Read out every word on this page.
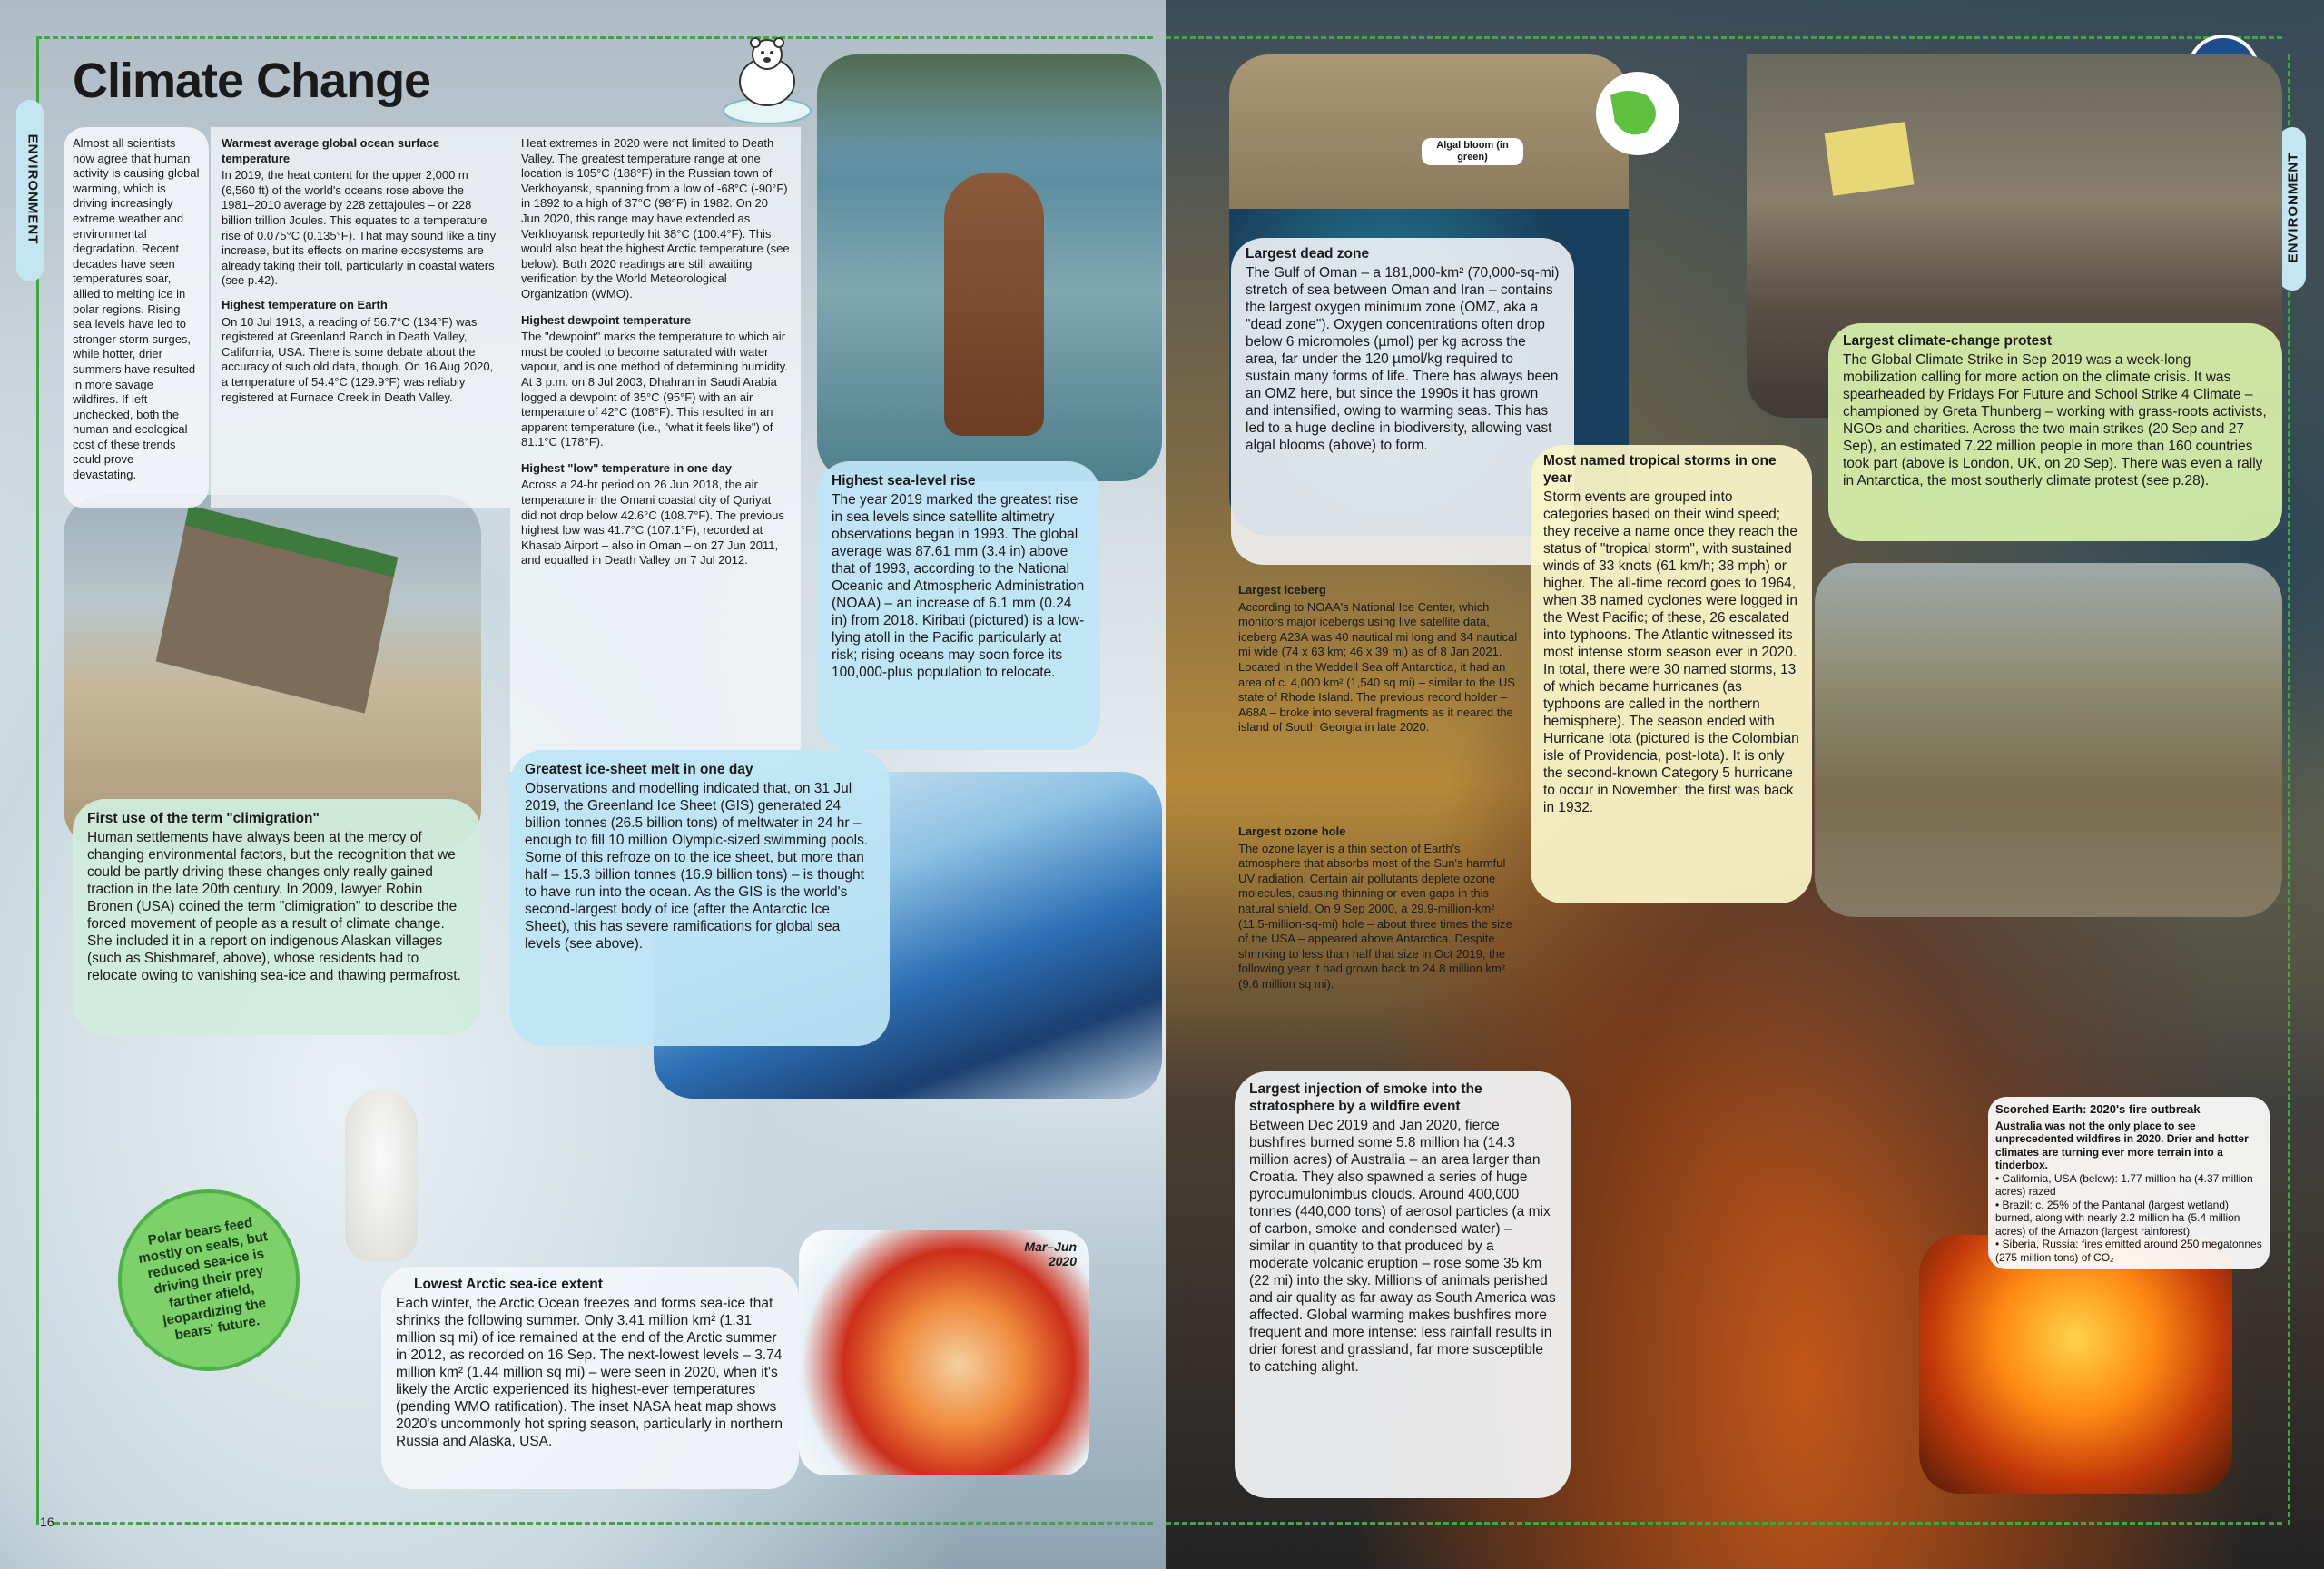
ENVIRONMENT
Climate Change
Mar–Jun 2020

Almost all scientists now agree that human activity is causing global warming, which is driving increasingly extreme weather and environmental degradation. Recent decades have seen temperatures soar, allied to melting ice in polar regions. Rising sea levels have led to stronger storm surges, while hotter, drier summers have resulted in more savage wildfires. If left unchecked, both the human and ecological cost of these trends could prove devastating.

Warmest average global ocean surface temperature

In 2019, the heat content for the upper 2,000 m (6,560 ft) of the world's oceans rose above the 1981–2010 average by 228 zettajoules – or 228 billion trillion Joules. This equates to a temperature rise of 0.075°C (0.135°F). That may sound like a tiny increase, but its effects on marine ecosystems are already taking their toll, particularly in coastal waters (see p.42).

Highest temperature on Earth

On 10 Jul 1913, a reading of 56.7°C (134°F) was registered at Greenland Ranch in Death Valley, California, USA. There is some debate about the accuracy of such old data, though. On 16 Aug 2020, a temperature of 54.4°C (129.9°F) was reliably registered at Furnace Creek in Death Valley.

Heat extremes in 2020 were not limited to Death Valley. The greatest temperature range at one location is 105°C (188°F) in the Russian town of Verkhoyansk, spanning from a low of -68°C (-90°F) in 1892 to a high of 37°C (98°F) in 1982. On 20 Jun 2020, this range may have extended as Verkhoyansk reportedly hit 38°C (100.4°F). This would also beat the highest Arctic temperature (see below). Both 2020 readings are still awaiting verification by the World Meteorological Organization (WMO).

Highest dewpoint temperature

The "dewpoint" marks the temperature to which air must be cooled to become saturated with water vapour, and is one method of determining humidity. At 3 p.m. on 8 Jul 2003, Dhahran in Saudi Arabia logged a dewpoint of 35°C (95°F) with an air temperature of 42°C (108°F). This resulted in an apparent temperature (i.e., "what it feels like") of 81.1°C (178°F).

Highest "low" temperature in one day

Across a 24-hr period on 26 Jun 2018, the air temperature in the Omani coastal city of Quriyat did not drop below 42.6°C (108.7°F). The previous highest low was 41.7°C (107.1°F), recorded at Khasab Airport – also in Oman – on 27 Jun 2011, and equalled in Death Valley on 7 Jul 2012.

Highest sea-level rise

The year 2019 marked the greatest rise in sea levels since satellite altimetry observations began in 1993. The global average was 87.61 mm (3.4 in) above that of 1993, according to the National Oceanic and Atmospheric Administration (NOAA) – an increase of 6.1 mm (0.24 in) from 2018. Kiribati (pictured) is a low-lying atoll in the Pacific particularly at risk; rising oceans may soon force its 100,000-plus population to relocate.

First use of the term "climigration"

Human settlements have always been at the mercy of changing environmental factors, but the recognition that we could be partly driving these changes only really gained traction in the late 20th century. In 2009, lawyer Robin Bronen (USA) coined the term "climigration" to describe the forced movement of people as a result of climate change. She included it in a report on indigenous Alaskan villages (such as Shishmaref, above), whose residents had to relocate owing to vanishing sea-ice and thawing permafrost.

Greatest ice-sheet melt in one day

Observations and modelling indicated that, on 31 Jul 2019, the Greenland Ice Sheet (GIS) generated 24 billion tonnes (26.5 billion tons) of meltwater in 24 hr – enough to fill 10 million Olympic-sized swimming pools. Some of this refroze on to the ice sheet, but more than half – 15.3 billion tonnes (16.9 billion tons) – is thought to have run into the ocean. As the GIS is the world's second-largest body of ice (after the Antarctic Ice Sheet), this has severe ramifications for global sea levels (see above).

Polar bears feed mostly on seals, but reduced sea-ice is driving their prey farther afield, jeopardizing the bears' future.
Lowest Arctic sea-ice extent

Each winter, the Arctic Ocean freezes and forms sea-ice that shrinks the following summer. Only 3.41 million km² (1.31 million sq mi) of ice remained at the end of the Arctic summer in 2012, as recorded on 16 Sep. The next-lowest levels – 3.74 million km² (1.44 million sq mi) – were seen in 2020, when it's likely the Arctic experienced its highest-ever temperatures (pending WMO ratification). The inset NASA heat map shows 2020's uncommonly hot spring season, particularly in northern Russia and Alaska, USA.

16
ENVIRONMENT
Algal bloom (in green)
Largest dead zone

The Gulf of Oman – a 181,000-km² (70,000-sq-mi) stretch of sea between Oman and Iran – contains the largest oxygen minimum zone (OMZ, aka a "dead zone"). Oxygen concentrations often drop below 6 micromoles (µmol) per kg across the area, far under the 120 µmol/kg required to sustain many forms of life. There has always been an OMZ here, but since the 1990s it has grown and intensified, owing to warming seas. This has led to a huge decline in biodiversity, allowing vast algal blooms (above) to form.

Largest climate-change protest

The Global Climate Strike in Sep 2019 was a week-long mobilization calling for more action on the climate crisis. It was spearheaded by Fridays For Future and School Strike 4 Climate – championed by Greta Thunberg – working with grass-roots activists, NGOs and charities. Across the two main strikes (20 Sep and 27 Sep), an estimated 7.22 million people in more than 160 countries took part (above is London, UK, on 20 Sep). There was even a rally in Antarctica, the most southerly climate protest (see p.28).

Most named tropical storms in one year

Storm events are grouped into categories based on their wind speed; they receive a name once they reach the status of "tropical storm", with sustained winds of 33 knots (61 km/h; 38 mph) or higher. The all-time record goes to 1964, when 38 named cyclones were logged in the West Pacific; of these, 26 escalated into typhoons. The Atlantic witnessed its most intense storm season ever in 2020. In total, there were 30 named storms, 13 of which became hurricanes (as typhoons are called in the northern hemisphere). The season ended with Hurricane Iota (pictured is the Colombian isle of Providencia, post-Iota). It is only the second-known Category 5 hurricane to occur in November; the first was back in 1932.

Largest iceberg

According to NOAA's National Ice Center, which monitors major icebergs using live satellite data, iceberg A23A was 40 nautical mi long and 34 nautical mi wide (74 x 63 km; 46 x 39 mi) as of 8 Jan 2021. Located in the Weddell Sea off Antarctica, it had an area of c. 4,000 km² (1,540 sq mi) – similar to the US state of Rhode Island. The previous record holder – A68A – broke into several fragments as it neared the island of South Georgia in late 2020.

Largest ozone hole

The ozone layer is a thin section of Earth's atmosphere that absorbs most of the Sun's harmful UV radiation. Certain air pollutants deplete ozone molecules, causing thinning or even gaps in this natural shield. On 9 Sep 2000, a 29.9-million-km² (11.5-million-sq-mi) hole – about three times the size of the USA – appeared above Antarctica. Despite shrinking to less than half that size in Oct 2019, the following year it had grown back to 24.8 million km² (9.6 million sq mi).

Largest injection of smoke into the stratosphere by a wildfire event

Between Dec 2019 and Jan 2020, fierce bushfires burned some 5.8 million ha (14.3 million acres) of Australia – an area larger than Croatia. They also spawned a series of huge pyrocumulonimbus clouds. Around 400,000 tonnes (440,000 tons) of aerosol particles (a mix of carbon, smoke and condensed water) – similar in quantity to that produced by a moderate volcanic eruption – rose some 35 km (22 mi) into the sky. Millions of animals perished and air quality as far away as South America was affected. Global warming makes bushfires more frequent and more intense: less rainfall results in drier forest and grassland, far more susceptible to catching alight.

Scorched Earth: 2020's fire outbreak

Australia was not the only place to see unprecedented wildfires in 2020. Drier and hotter climates are turning ever more terrain into a tinderbox.

• California, USA (below): 1.77 million ha (4.37 million acres) razed

• Brazil: c. 25% of the Pantanal (largest wetland) burned, along with nearly 2.2 million ha (5.4 million acres) of the Amazon (largest rainforest)

• Siberia, Russia: fires emitted around 250 megatonnes (275 million tons) of CO₂

17
